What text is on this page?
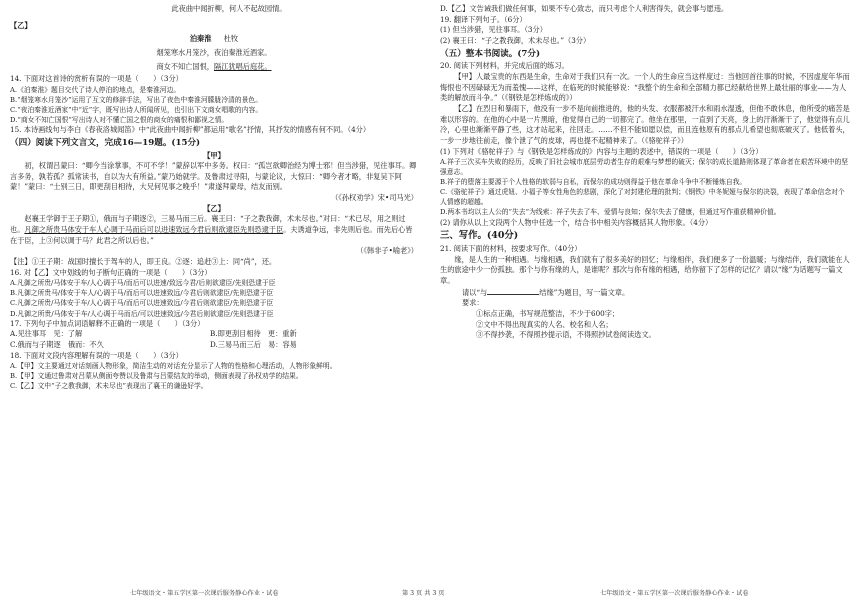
此夜曲中闻折柳，何人不起故园情。
【乙】
泊秦淮 杜牧
烟笼寒水月笼沙，夜泊秦淮近酒家。
商女不知亡国恨，隔江犹唱后庭花。
14. 下面对这首诗的赏析有误的一项是（　　）（3分）
A.《泊秦淮》题目交代了诗人停泊的地点，是秦淮河边。
B.“烟笼寒水月笼沙”运用了互文的修辞手法，写出了夜色中秦淮河朦胧冷清的景色。
C.“夜泊秦淮近酒家”中“近”字，既写出诗人所闻所见，也引出下文商女唱歌的内容。
D.“商女不知亡国恨”写出诗人对不懂亡国之恨的商女的痛恨和鄙视之情。
15. 本诗画线句与李白《春夜洛城闻笛》中“此夜曲中闻折柳”都运用“歌名”抒情，其抒发的情感有何不同。（4分）
（四）阅读下列文言文，完成16—19题。(15分)
【甲】
初，权谓吕蒙曰：“卿今当涂掌事，不可不学！”蒙辞以军中多务。权曰：“孤岂欲卿治经为博士邪！但当涉猎，见往事耳。卿言多务，孰若孤？孤常读书，自以为大有所益。”蒙乃始就学。及鲁肃过寻阳，与蒙论议，大惊曰：“卿今者才略，非复吴下阿蒙！”蒙曰：“士别三日，即更刮目相待，大兄何见事之晚乎！”肃遂拜蒙母，结友而别。
（《孙权劝学》宋•司马光）
【乙】
赵襄王学御于王子期①，俄而与子期逐②，三易马而三后。襄王曰：“子之教我御，术未尽也。”对曰：“术已尽，用之则过也。凡御之所贵马体安于车人心调于马而后可以进速致远今君后则欲逮臣先则恐逮于臣。夫诱道争远，非先则后也。而先后心皆在于臣，上③何以调于马？此君之所以后也。”
（《韩非子•喻老》）
【注】①王子期：战国时擅长于驾车的人，即王良。②逐：追赶③上：同“尚”，还。
16. 对【乙】文中划线的句子断句正确的一项是（　　）（3分）
A.凡御之所贵/马体安于车/人心调于马/而后可以进速/致远今君/后则欲逮臣/先则恐逮于臣
B.凡御之所贵马/体安于车人/心调于马/而后可以进速致远/今君后则欲逮臣/先则恐逮于臣
C.凡御之所贵/马体安于车/人心调于马/而后可以进速致远/今君后则欲逮臣/先则恐逮于臣
D.凡御之所贵/马体安于车/人心调于马而后/可以进速致远/今君后则欲逮臣/先则恐逮于臣
17. 下列句子中加点词语解释不正确的一项是（　　）（3分）
A.见往事耳　见：了解	B.即更刮目相待　更：重新
C.俄而与子期逐　俄而：不久	D.三易马而三后　易：容易
18. 下面对文段内容理解有误的一项是（　　）（3分）
A.【甲】文主要通过对话刻画人物形象，简洁生动的对话充分显示了人物的性格和心理活动，人物形象鲜明。
B.【甲】文通过鲁肃对吕蒙从侧面夸赞以及鲁肃与吕蒙结友的举动，侧面表现了孙权劝学的结果。
C.【乙】文中“子之教我御，术未尽也”表现出了襄王的谦逊好学。
D.【乙】文告诫我们做任何事，如果不专心致志，而只考虑个人利害得失，就会事与愿违。
19. 翻译下列句子。（6分）
(1) 但当涉猎，见往事耳。（3分）
(2) 襄王曰：“子之教我御，术未尽也。”（3分）
（五）整本书阅读。(7分)
20. 阅读下列材料，并完成后面的练习。
【甲】人最宝贵的东西是生命，生命对于我们只有一次。一个人的生命应当这样度过：当他回首往事的时候，不因虚度年华而悔恨也不因碌碌无为而羞愧——这样，在临死的时候能够说：“我整个的生命和全部精力都已经献给世界上最壮丽的事业——为人类的解放而斗争。”（《钢铁是怎样炼成的》）
【乙】在烈日和暴雨下，他没有一步不是向前推进的，他的头发、衣服都被汗水和雨水湿透，但他不敢休息，他所受的痛苦是难以形容的。在他的心中是一片黑暗，他觉得自己的一切都完了。他坐在那里，一直到了天亮，身上的汗渐渐干了，他觉得有点儿冷，心里也渐渐平静了些，这才站起来，往回走。……不但不能如愿以偿，而且连他原有的那点儿希望也彻底破灭了。他低着头，一步一步地往前走，像个泄了气的皮球，再也提不起精神来了。（《骆驼祥子》）
(1) 下列对《骆驼祥子》与《钢铁是怎样炼成的》内容与主题的表述中，错误的一项是（　　）（3分）
A.祥子三次买车失败的经历，反映了旧社会城市底层劳动者生存的艰难与梦想的破灭；保尔的成长道路则体现了革命者在艰苦环境中的坚强意志。
B.祥子的堕落主要源于个人性格的软弱与自私，而保尔的成功则得益于他在革命斗争中不断锤炼自我。
C.《骆驼祥子》通过虎妞、小福子等女性角色的悲剧，深化了对封建伦理的批判；《钢铁》中冬妮娅与保尔的决裂，表现了革命信念对个人情感的超越。
D.两本书均以主人公的“失去”为线索：祥子失去了车、爱情与良知；保尔失去了健康，但通过写作重获精神价值。
(2) 请你从以上文段两个人物中任选一个，结合书中相关内容概括其人物形象。（4分）
三、写作。(40分)
21. 阅读下面的材料，按要求写作。（40分）
缘，是人生的一种相遇。与缘相遇，我们就有了很多美好的回忆；与缘相伴，我们便多了一份温暖；与缘结伴，我们就能在人生的旅途中少一份孤独。那个与你有缘的人，是谁呢？那次与你有缘的相遇，给你留下了怎样的记忆？请以“缘”为话题写一篇文章。
请以“与	结缘”为题目，写一篇文章。
要求：
①标点正确，书写规范整洁，不少于600字；
②文中不得出现真实的人名、校名和人名；
③不得抄袭，不得照抄提示语，不得照抄试卷阅读选文。
七年级语文・第五学区第一次课后服务静心作业・试卷	第 3 页 共 3 页	七年级语文・第五学区第一次课后服务静心作业・试卷
